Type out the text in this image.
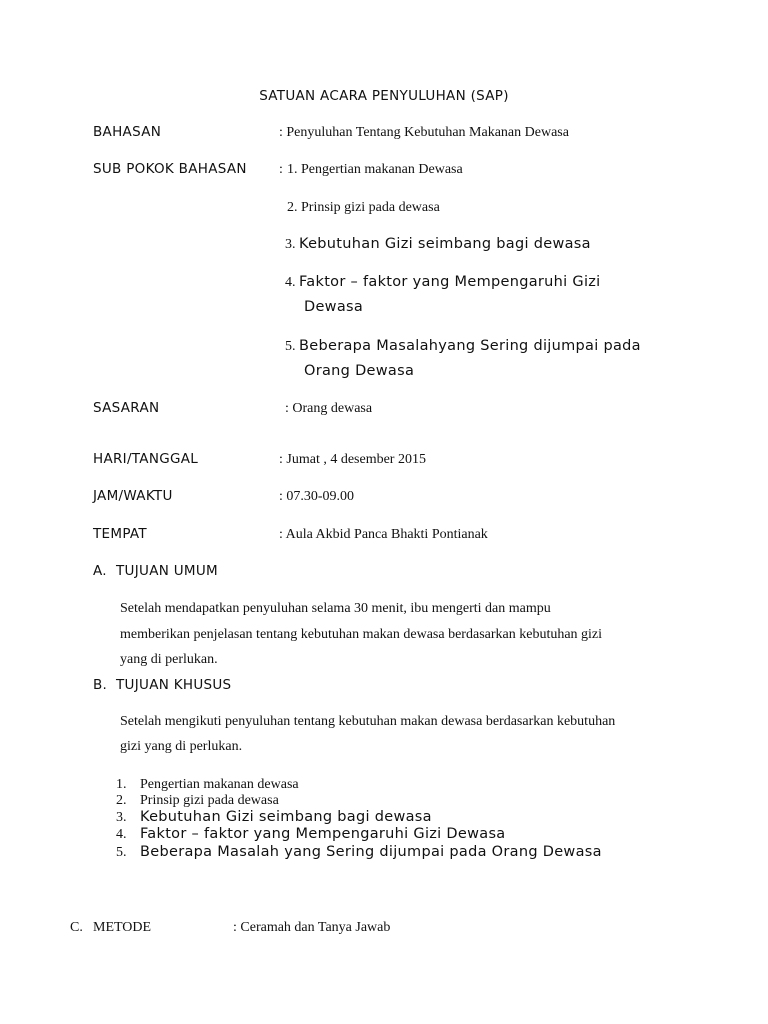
SATUAN ACARA PENYULUHAN (SAP)
BAHASAN	: Penyuluhan Tentang Kebutuhan Makanan Dewasa
SUB POKOK BAHASAN : 1. Pengertian makanan Dewasa
2. Prinsip gizi pada dewasa
3. Kebutuhan Gizi seimbang bagi dewasa
4. Faktor – faktor yang Mempengaruhi Gizi
Dewasa
5. Beberapa Masalahyang Sering dijumpai pada
Orang Dewasa
SASARAN	: Orang dewasa
HARI/TANGGAL	: Jumat , 4 desember 2015
JAM/WAKTU	: 07.30-09.00
TEMPAT	: Aula Akbid Panca Bhakti Pontianak
A. TUJUAN UMUM
Setelah mendapatkan penyuluhan selama 30 menit, ibu mengerti dan mampu
memberikan penjelasan tentang kebutuhan makan dewasa berdasarkan kebutuhan gizi
yang di perlukan.
B. TUJUAN KHUSUS
Setelah mengikuti penyuluhan tentang kebutuhan makan dewasa berdasarkan kebutuhan
gizi yang di perlukan.
1. Pengertian makanan dewasa
2. Prinsip gizi pada dewasa
3. Kebutuhan Gizi seimbang bagi dewasa
4. Faktor – faktor yang Mempengaruhi Gizi Dewasa
5. Beberapa Masalah yang Sering dijumpai pada Orang Dewasa
C. METODE	: Ceramah dan Tanya Jawab
